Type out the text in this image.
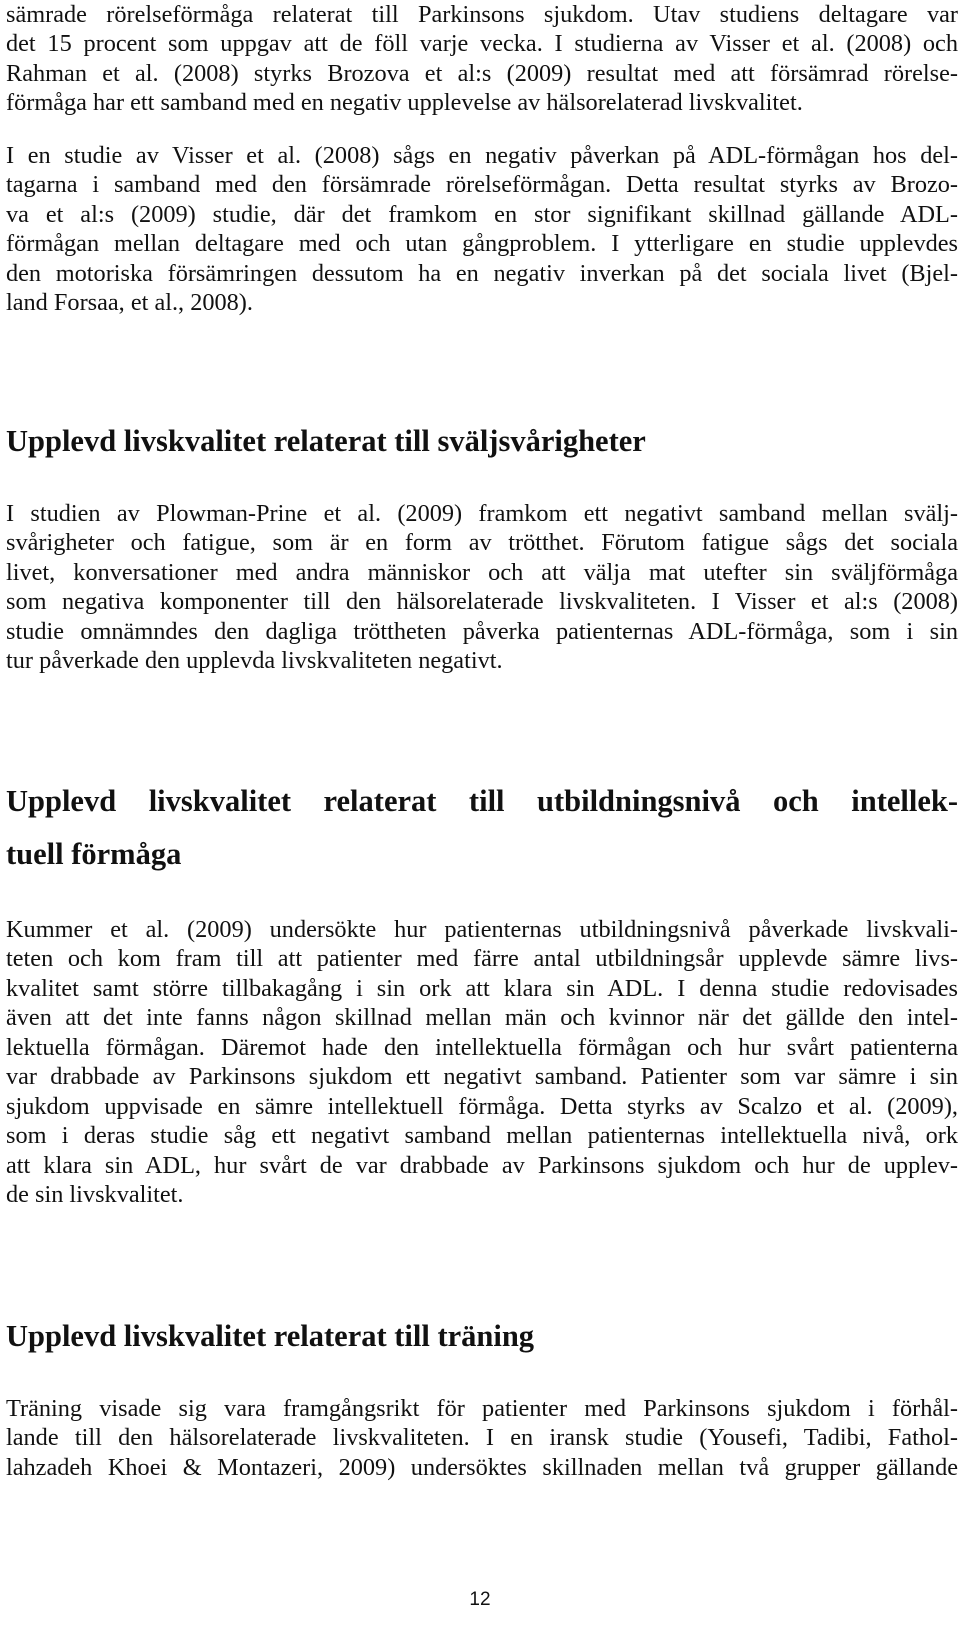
sämrade rörelseförmåga relaterat till Parkinsons sjukdom. Utav studiens deltagare var
det 15 procent som uppgav att de föll varje vecka. I studierna av Visser et al. (2008) och
Rahman et al. (2008) styrks Brozova et al:s (2009) resultat med att försämrad rörelse-
förmåga har ett samband med en negativ upplevelse av hälsorelaterad livskvalitet.
I en studie av Visser et al. (2008) sågs en negativ påverkan på ADL-förmågan hos del-
tagarna i samband med den försämrade rörelseförmågan. Detta resultat styrks av Brozo-
va et al:s (2009) studie, där det framkom en stor signifikant skillnad gällande ADL-
förmågan mellan deltagare med och utan gångproblem. I ytterligare en studie upplevdes
den motoriska försämringen dessutom ha en negativ inverkan på det sociala livet (Bjel-
land Forsaa, et al., 2008).
Upplevd livskvalitet relaterat till sväljsvårigheter
I studien av Plowman-Prine et al. (2009) framkom ett negativt samband mellan svälj-
svårigheter och fatigue, som är en form av trötthet. Förutom fatigue sågs det sociala
livet, konversationer med andra människor och att välja mat utefter sin sväljförmåga
som negativa komponenter till den hälsorelaterade livskvaliteten. I Visser et al:s (2008)
studie omnämndes den dagliga tröttheten påverka patienternas ADL-förmåga, som i sin
tur påverkade den upplevda livskvaliteten negativt.
Upplevd livskvalitet relaterat till utbildningsnivå och intellek-
tuell förmåga
Kummer et al. (2009) undersökte hur patienternas utbildningsnivå påverkade livskvali-
teten och kom fram till att patienter med färre antal utbildningsår upplevde sämre livs-
kvalitet samt större tillbakagång i sin ork att klara sin ADL. I denna studie redovisades
även att det inte fanns någon skillnad mellan män och kvinnor när det gällde den intel-
lektuella förmågan. Däremot hade den intellektuella förmågan och hur svårt patienterna
var drabbade av Parkinsons sjukdom ett negativt samband. Patienter som var sämre i sin
sjukdom uppvisade en sämre intellektuell förmåga. Detta styrks av Scalzo et al. (2009),
som i deras studie såg ett negativt samband mellan patienternas intellektuella nivå, ork
att klara sin ADL, hur svårt de var drabbade av Parkinsons sjukdom och hur de upplev-
de sin livskvalitet.
Upplevd livskvalitet relaterat till träning
Träning visade sig vara framgångsrikt för patienter med Parkinsons sjukdom i förhål-
lande till den hälsorelaterade livskvaliteten. I en iransk studie (Yousefi, Tadibi, Fathol-
lahzadeh Khoei & Montazeri, 2009) undersöktes skillnaden mellan två grupper gällande
12
